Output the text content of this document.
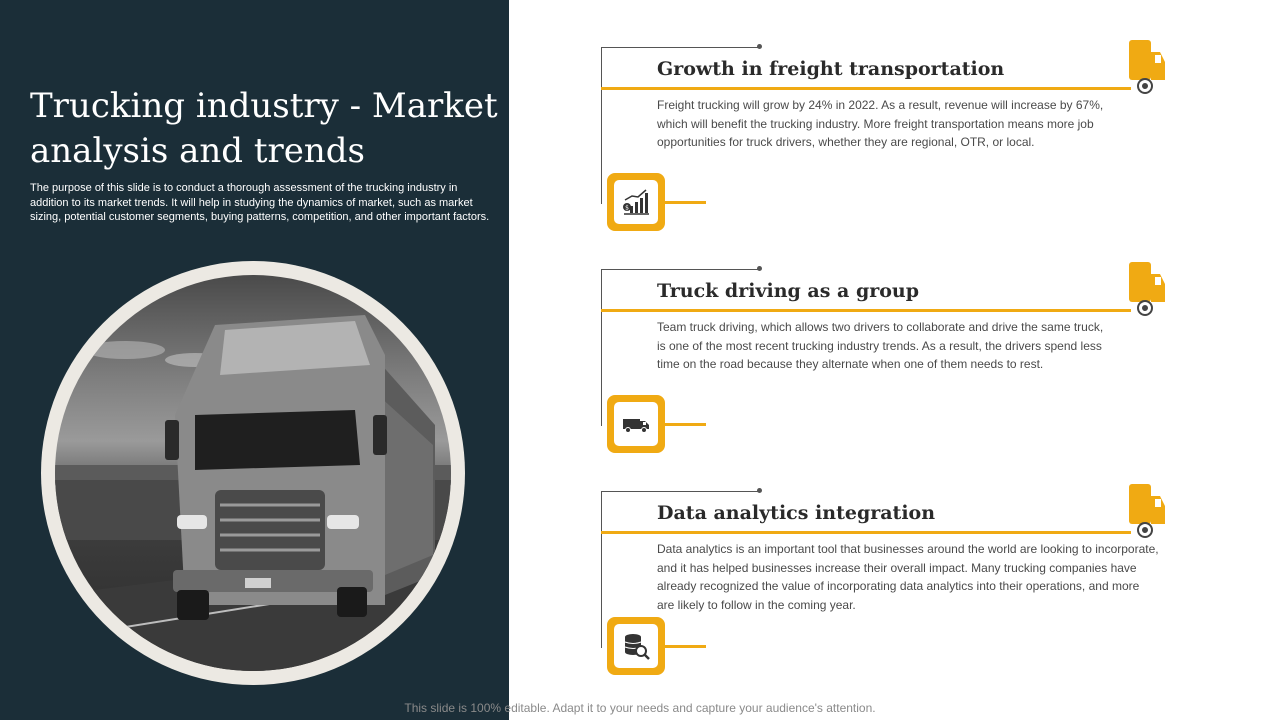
Trucking industry - Market analysis and trends

The purpose of this slide is to conduct a thorough assessment of the trucking industry in addition to its market trends. It will help in studying the dynamics of market, such as market sizing, potential customer segments, buying patterns, competition, and other important factors.

Growth in freight transportation

Freight trucking will grow by 24% in 2022. As a result, revenue will increase by 67%, which will benefit the trucking industry. More freight transportation means more job opportunities for truck drivers, whether they are regional, OTR, or local.

$
Truck driving as a group

Team truck driving, which allows two drivers to collaborate and drive the same truck, is one of the most recent trucking industry trends. As a result, the drivers spend less time on the road because they alternate when one of them needs to rest.

Data analytics integration

Data analytics is an important tool that businesses around the world are looking to incorporate, and it has helped businesses increase their overall impact. Many trucking companies have already recognized the value of incorporating data analytics into their operations, and more are likely to follow in the coming year.

This slide is 100% editable. Adapt it to your needs and capture your audience's attention.
